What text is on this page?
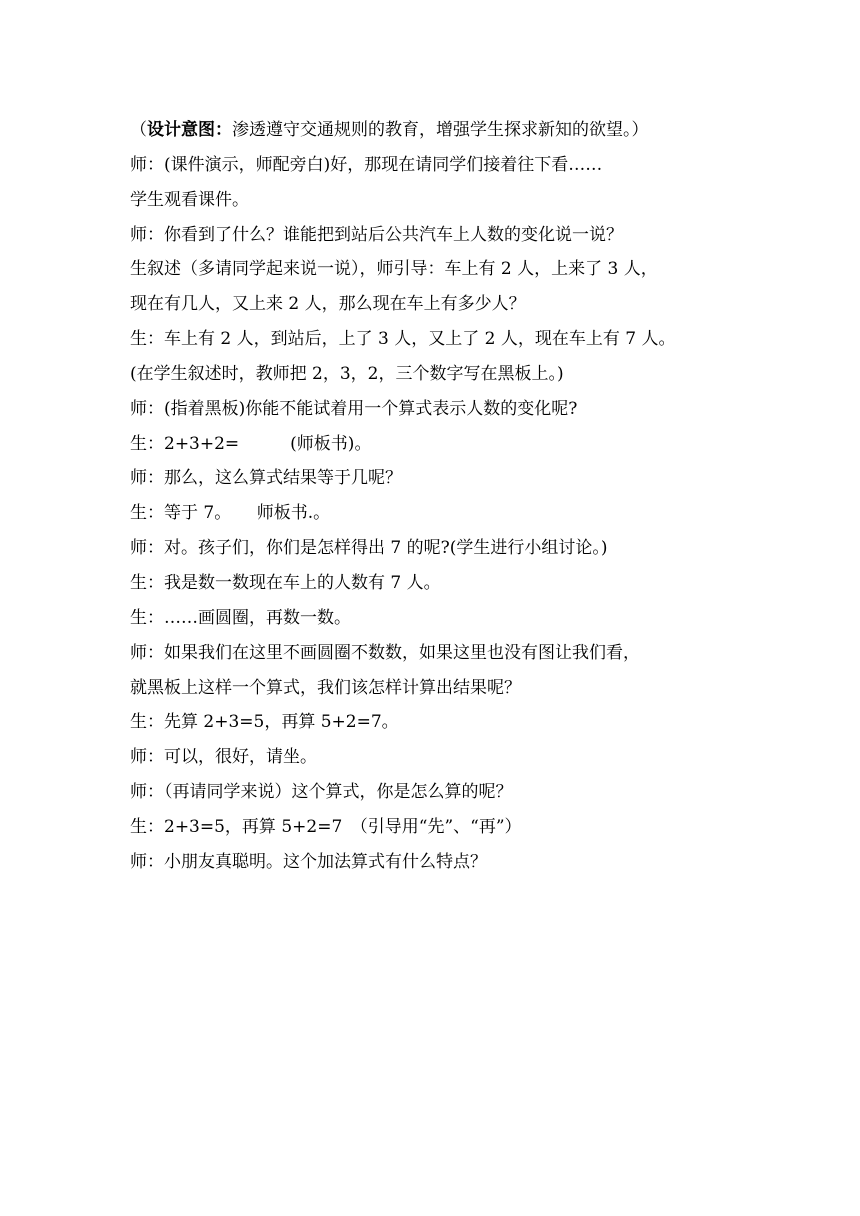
（设计意图：渗透遵守交通规则的教育，增强学生探求新知的欲望。）
师：(课件演示，师配旁白)好，那现在请同学们接着往下看……
学生观看课件。
师：你看到了什么？谁能把到站后公共汽车上人数的变化说一说？
生叙述（多请同学起来说一说），师引导：车上有 2 人，上来了 3 人，
现在有几人，又上来 2 人，那么现在车上有多少人？
生：车上有 2 人，到站后，上了 3 人，又上了 2 人，现在车上有 7 人。
(在学生叙述时，教师把 2，3，2，三个数字写在黑板上。)
师：(指着黑板)你能不能试着用一个算式表示人数的变化呢?
生：2+3+2=　　　(师板书)。
师：那么，这么算式结果等于几呢？
生：等于 7。　　师板书.。
师：对。孩子们，你们是怎样得出 7 的呢?(学生进行小组讨论。)
生：我是数一数现在车上的人数有 7 人。
生：……画圆圈，再数一数。
师：如果我们在这里不画圆圈不数数，如果这里也没有图让我们看，
就黑板上这样一个算式，我们该怎样计算出结果呢？
生：先算 2+3=5，再算 5+2=7。
师：可以，很好，请坐。
师：（再请同学来说）这个算式，你是怎么算的呢？
生：2+3=5，再算 5+2=7　（引导用“先”、“再”）
师：小朋友真聪明。这个加法算式有什么特点？
